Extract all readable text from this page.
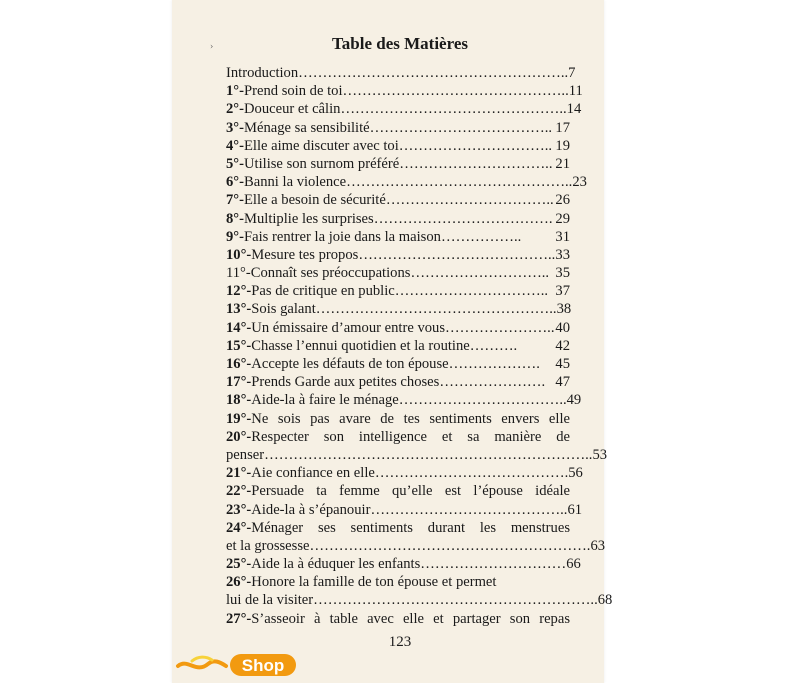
Table des Matières
›
Introduction ……………………………………………….. 7
1°- Prend soin de toi ……………………………………….. 11
2°- Douceur et câlin ……………………………………….. 14
3°- Ménage sa sensibilité ……………………………….. 17
4°- Elle aime discuter avec toi ………………………….. 19
5°- Utilise son surnom préféré ………………………….. 21
6°- Banni la violence ……………………………………….. 23
7°- Elle a besoin de sécurité …………………………….. 26
8°- Multiplie les surprises ………………………………. 29
9°- Fais rentrer la joie dans la maison ……………..	31
10°- Mesure tes propos ………………………………….. 33
11°- Connaît ses préoccupations ……………………….. 35
12°- Pas de critique en public ………………………….. 37
13°- Sois galant ………………………………………….. 38
14°- Un émissaire d’amour entre vous ………………….. 40
15°- Chasse l’ennui quotidien et la routine ……….	42
16°- Accepte les défauts de ton épouse ……………….	45
17°- Prends Garde aux petites choses …………………. 47
18°- Aide-la à faire le ménage …………………………….. 49
19°- Ne sois pas avare de tes sentiments envers elle
20°- Respecter son intelligence et sa manière de
penser ………………………………………………………….. 53
21°- Aie confiance en elle …………………………………. 56
22°- Persuade ta femme qu’elle est l’épouse idéale
23°- Aide-la à s’épanouir ………………………………….. 61
24°- Ménager ses sentiments durant les menstrues
et la grossesse …………………………………………………. 63
25°- Aide la à éduquer les enfants ………………………… 66
26°- Honore la famille de ton épouse et permet
lui de la visiter ………………………………………………….. 68
27°- S’asseoir à table avec elle et partager son repas
123
Shop
